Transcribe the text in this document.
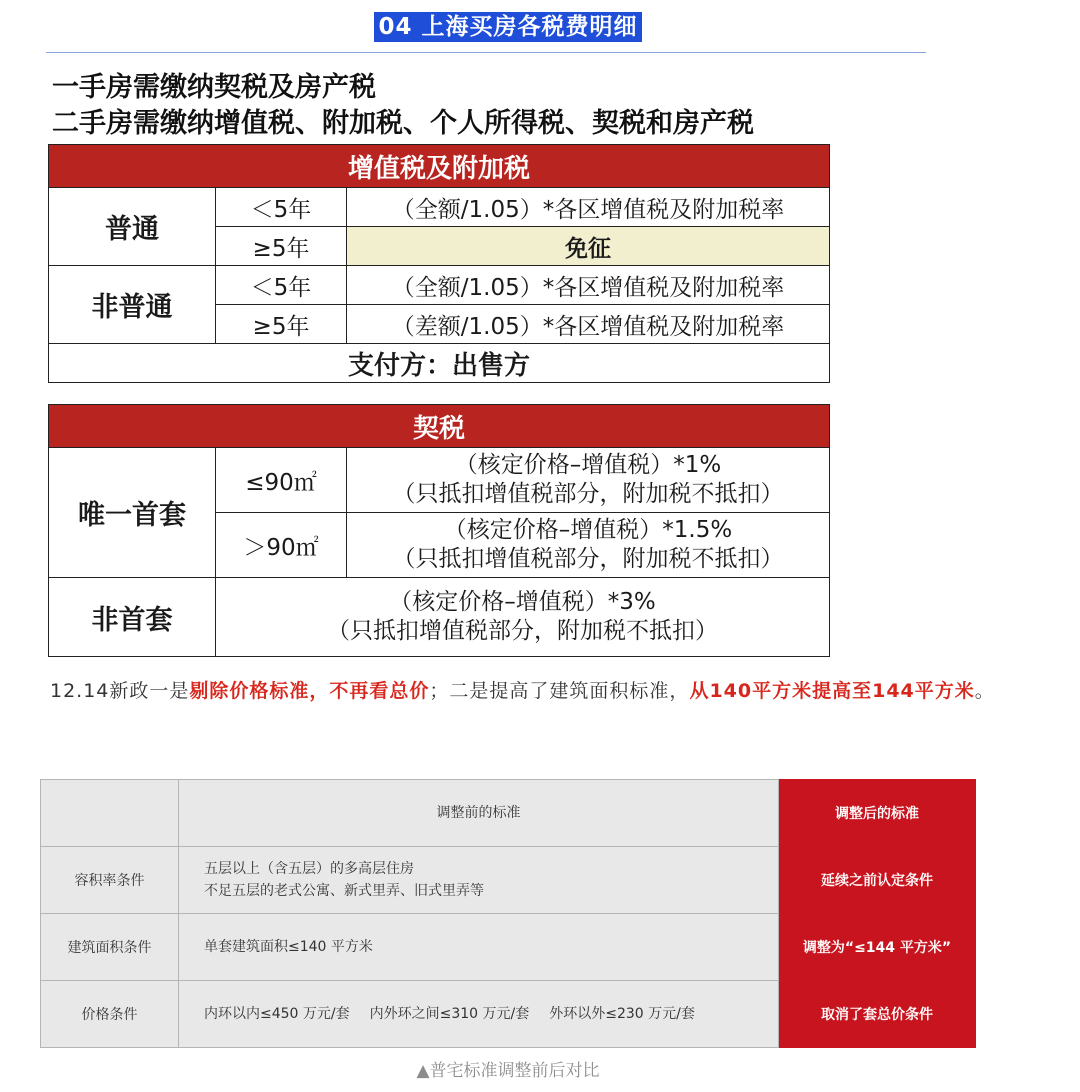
04 上海买房各税费明细
一手房需缴纳契税及房产税
二手房需缴纳增值税、附加税、个人所得税、契税和房产税
增值税及附加税		
普通	＜5年	（全额/1.05）*各区增值税及附加税率
	≥5年	免征
非普通	＜5年	（全额/1.05）*各区增值税及附加税率
	≥5年	（差额/1.05）*各区增值税及附加税率
支付方：出售方		
契税		
唯一首套	≤90㎡	（核定价格–增值税）*1%
（只抵扣增值税部分，附加税不抵扣）

	＞90㎡	（核定价格–增值税）*1.5%
（只抵扣增值税部分，附加税不抵扣）

非首套	（核定价格–增值税）*3%
（只抵扣增值税部分，附加税不抵扣）	
12.14新政一是剔除价格标准，不再看总价；二是提高了建筑面积标准，从140平方米提高至144平方米。
	调整前的标准	调整后的标准
容积率条件	五层以上（含五层）的多高层住房
不足五层的老式公寓、新式里弄、旧式里弄等	延续之前认定条件
建筑面积条件	单套建筑面积≤140 平方米	调整为“≤144 平方米”
价格条件	内环以内≤450 万元/套 内外环之间≤310 万元/套 外环以外≤230 万元/套	取消了套总价条件
▲普宅标准调整前后对比
